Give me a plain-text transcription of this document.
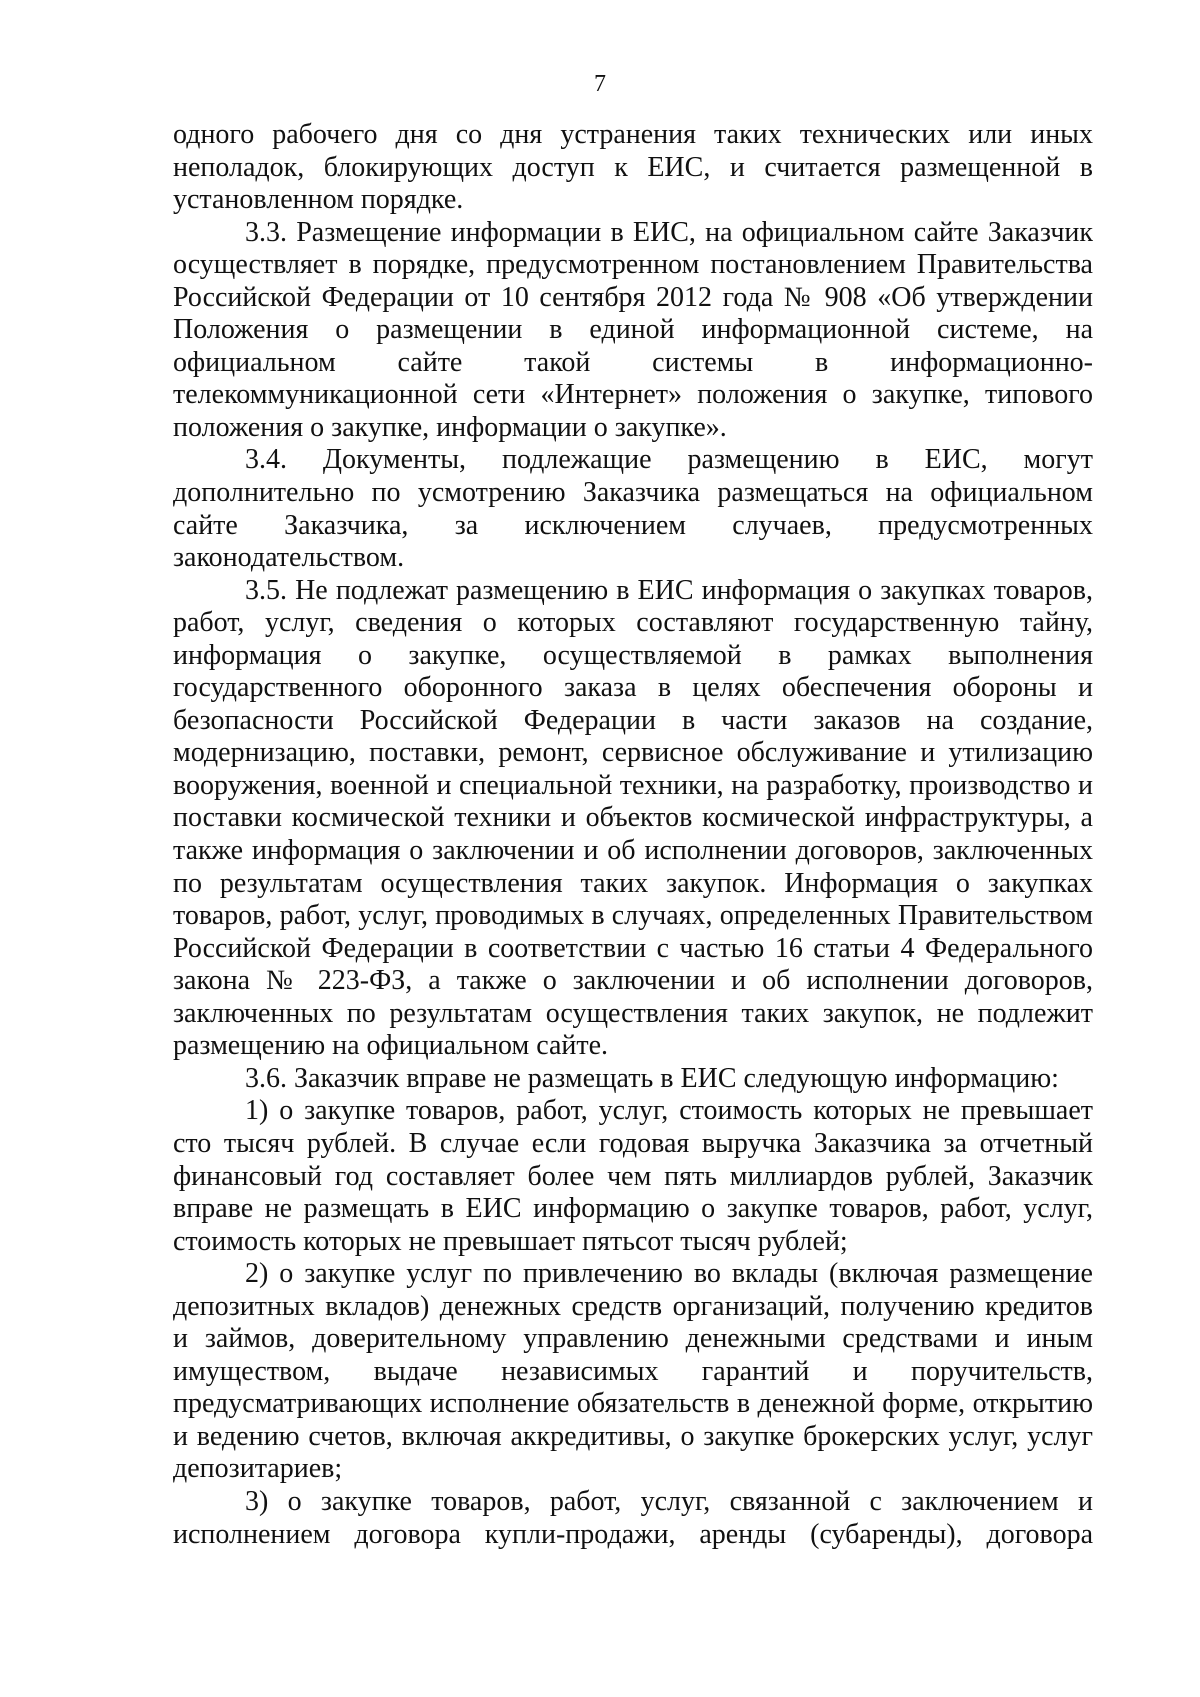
7

одного рабочего дня со дня устранения таких технических или иных неполадок, блокирующих доступ к ЕИС, и считается размещенной в установленном порядке.

3.3. Размещение информации в ЕИС, на официальном сайте Заказчик осуществляет в порядке, предусмотренном постановлением Правительства Российской Федерации от 10 сентября 2012 года № 908 «Об утверждении Положения о размещении в единой информационной системе, на официальном сайте такой системы в информационно-телекоммуникационной сети «Интернет» положения о закупке, типового положения о закупке, информации о закупке».

3.4. Документы, подлежащие размещению в ЕИС, могут дополнительно по усмотрению Заказчика размещаться на официальном сайте Заказчика, за исключением случаев, предусмотренных законодательством.

3.5. Не подлежат размещению в ЕИС информация о закупках товаров, работ, услуг, сведения о которых составляют государственную тайну, информация о закупке, осуществляемой в рамках выполнения государственного оборонного заказа в целях обеспечения обороны и безопасности Российской Федерации в части заказов на создание, модернизацию, поставки, ремонт, сервисное обслуживание и утилизацию вооружения, военной и специальной техники, на разработку, производство и поставки космической техники и объектов космической инфраструктуры, а также информация о заключении и об исполнении договоров, заключенных по результатам осуществления таких закупок. Информация о закупках товаров, работ, услуг, проводимых в случаях, определенных Правительством Российской Федерации в соответствии с частью 16 статьи 4 Федерального закона № 223-ФЗ, а также о заключении и об исполнении договоров, заключенных по результатам осуществления таких закупок, не подлежит размещению на официальном сайте.

3.6. Заказчик вправе не размещать в ЕИС следующую информацию:

1) о закупке товаров, работ, услуг, стоимость которых не превышает сто тысяч рублей. В случае если годовая выручка Заказчика за отчетный финансовый год составляет более чем пять миллиардов рублей, Заказчик вправе не размещать в ЕИС информацию о закупке товаров, работ, услуг, стоимость которых не превышает пятьсот тысяч рублей;

2) о закупке услуг по привлечению во вклады (включая размещение депозитных вкладов) денежных средств организаций, получению кредитов и займов, доверительному управлению денежными средствами и иным имуществом, выдаче независимых гарантий и поручительств, предусматривающих исполнение обязательств в денежной форме, открытию и ведению счетов, включая аккредитивы, о закупке брокерских услуг, услуг депозитариев;

3) о закупке товаров, работ, услуг, связанной с заключением и исполнением договора купли-продажи, аренды (субаренды), договора
